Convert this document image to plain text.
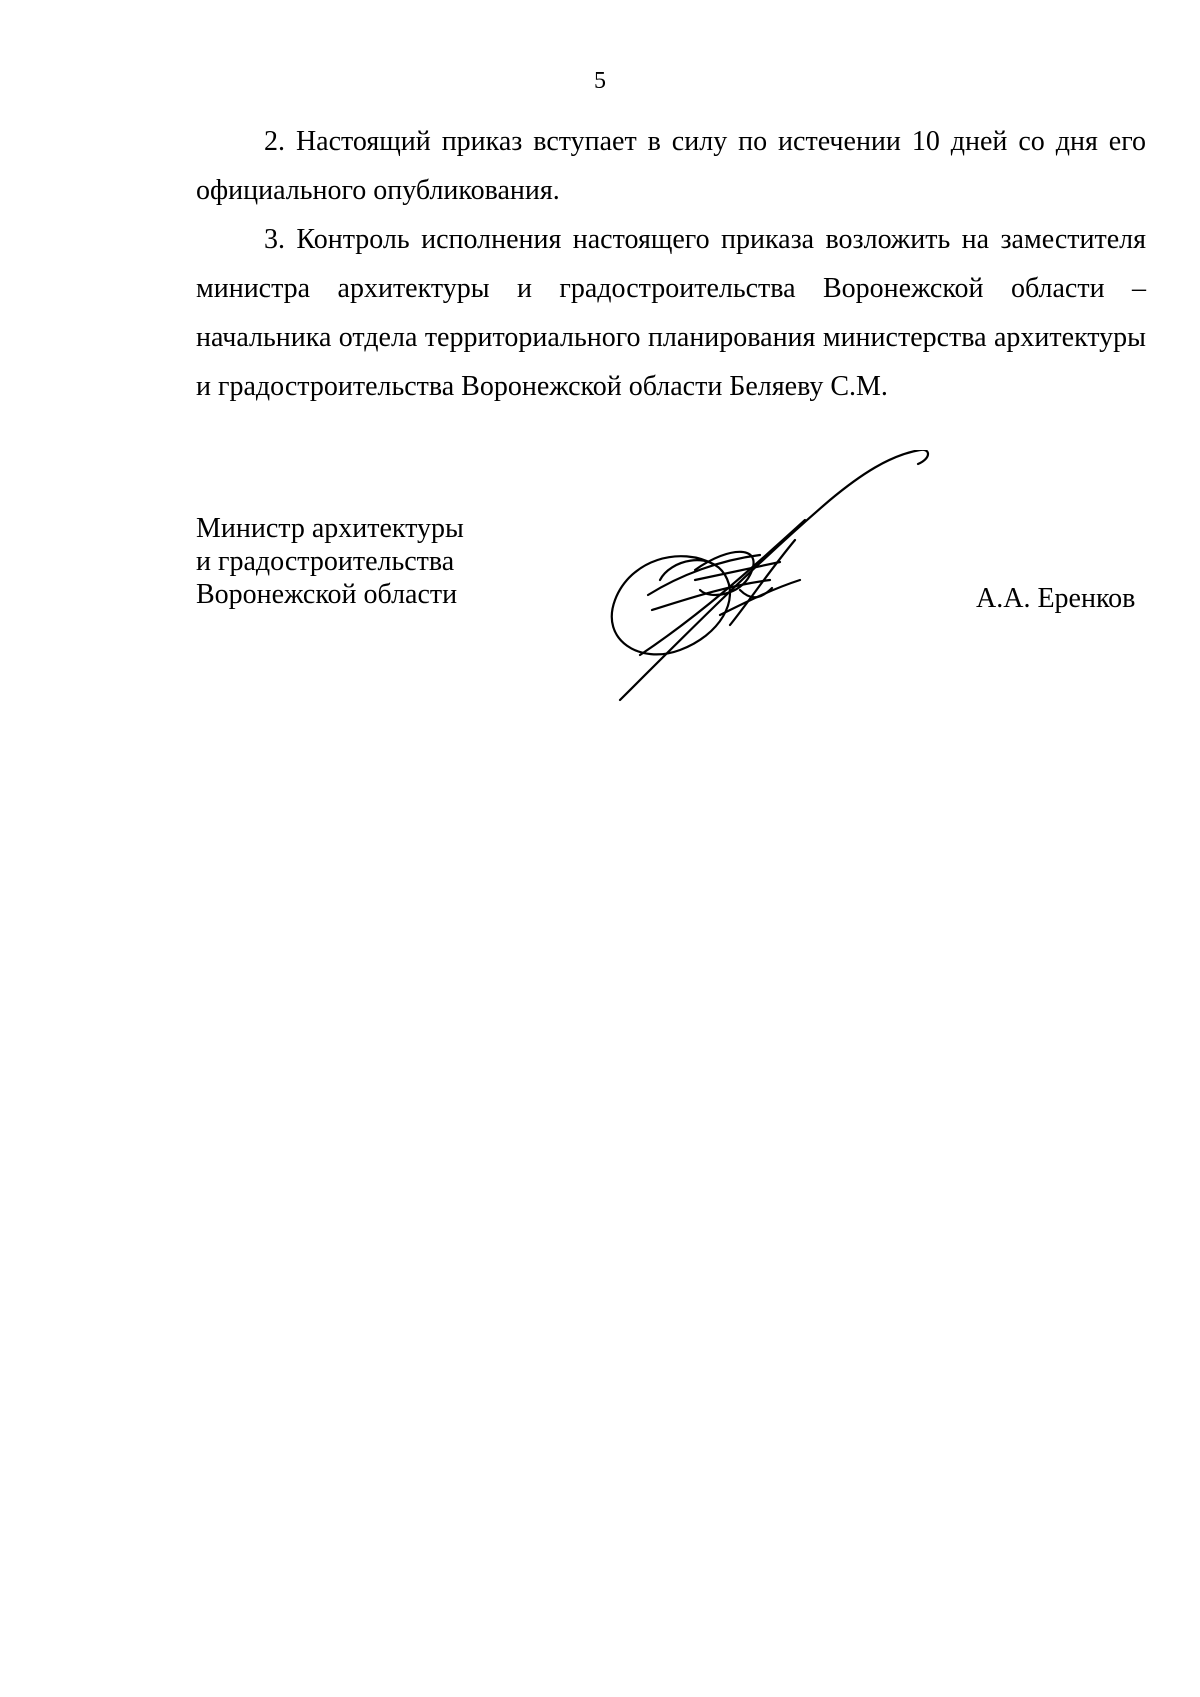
5

2. Настоящий приказ вступает в силу по истечении 10 дней со дня его официального опубликования.

3. Контроль исполнения настоящего приказа возложить на заместителя министра архитектуры и градостроительства Воронежской области – начальника отдела территориального планирования министерства архитектуры и градостроительства Воронежской области Беляеву С.М.

Министр архитектуры
и градостроительства
Воронежской области	А.А. Еренков
